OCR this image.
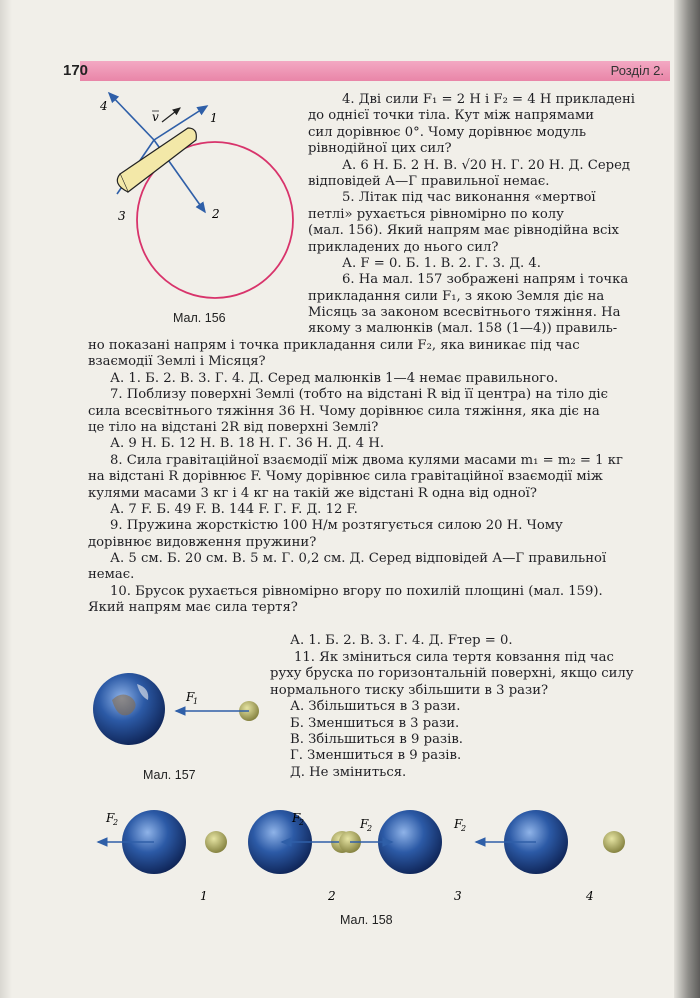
170	Розділ 2.
v
4
1
3	2
Мал. 156
4. Дві сили F₁ = 2 Н і F₂ = 4 Н прикладені
до однієї точки тіла. Кут між напрямами
сил дорівнює 0°. Чому дорівнює модуль
рівнодійної цих сил?
А. 6 Н. Б. 2 Н. В. √20 Н. Г. 20 Н. Д. Серед
відповідей А—Г правильної немає.
5. Літак під час виконання «мертвої
петлі» рухається рівномірно по колу
(мал. 156). Який напрям має рівнодійна всіх
прикладених до нього сил?
А. F = 0. Б. 1. В. 2. Г. 3. Д. 4.
6. На мал. 157 зображені напрям і точка
прикладання сили F₁, з якою Земля діє на
Місяць за законом всесвітнього тяжіння. На
якому з малюнків (мал. 158 (1—4)) правиль-
но показані напрям і точка прикладання сили F₂, яка виникає під час
взаємодії Землі і Місяця?
А. 1. Б. 2. В. 3. Г. 4. Д. Серед малюнків 1—4 немає правильного.
7. Поблизу поверхні Землі (тобто на відстані R від її центра) на тіло діє
сила всесвітнього тяжіння 36 Н. Чому дорівнює сила тяжіння, яка діє на
це тіло на відстані 2R від поверхні Землі?
А. 9 Н. Б. 12 Н. В. 18 Н. Г. 36 Н. Д. 4 Н.
8. Сила гравітаційної взаємодії між двома кулями масами m₁ = m₂ = 1 кг
на відстані R дорівнює F. Чому дорівнює сила гравітаційної взаємодії між
кулями масами 3 кг і 4 кг на такій же відстані R одна від одної?
А. 7 F. Б. 49 F. В. 144 F. Г. F. Д. 12 F.
9. Пружина жорсткістю 100 Н/м розтягується силою 20 Н. Чому
дорівнює видовження пружини?
А. 5 см. Б. 20 см. В. 5 м. Г. 0,2 см. Д. Серед відповідей А—Г правильної
немає.
10. Брусок рухається рівномірно вгору по похилій площині (мал. 159).
Який напрям має сила тертя?
А. 1. Б. 2. В. 3. Г. 4. Д. Fтер = 0.
11. Як зміниться сила тертя ковзання під час
руху бруска по горизонтальній поверхні, якщо силу
нормального тиску збільшити в 3 рази?
А. Збільшиться в 3 рази.
Б. Зменшиться в 3 рази.
В. Збільшиться в 9 разів.
Г. Зменшиться в 9 разів.
Д. Не зміниться.
F
1
Мал. 157
F
2
1
F
2
2
F
2
3
F
2
4
Мал. 158
